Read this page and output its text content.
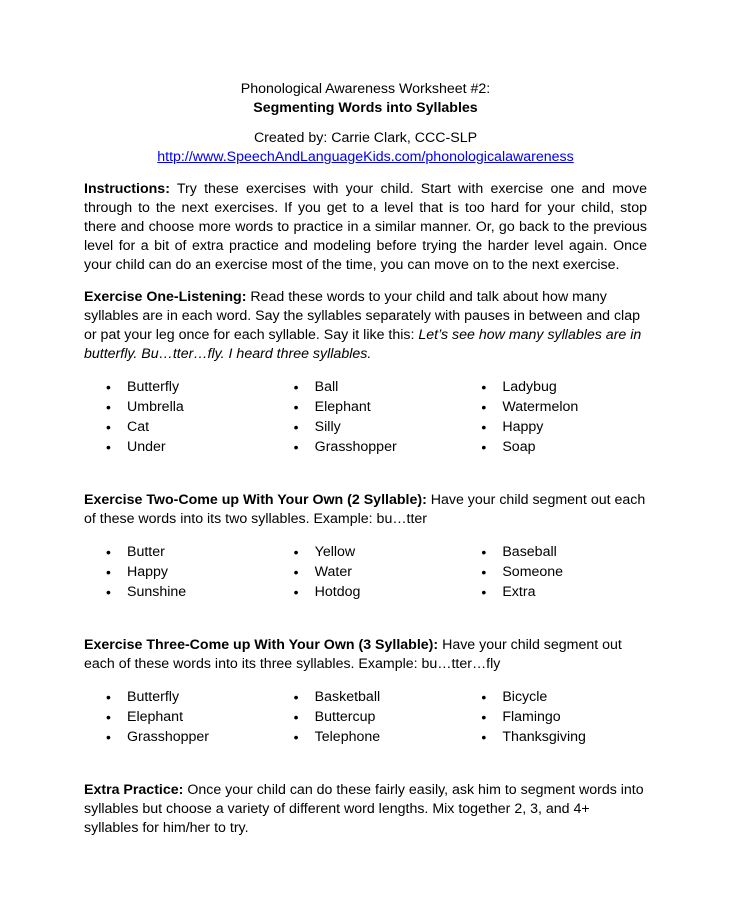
Phonological Awareness Worksheet #2:

Segmenting Words into Syllables

Created by: Carrie Clark, CCC-SLP

http://www.SpeechAndLanguageKids.com/phonologicalawareness

Instructions: Try these exercises with your child. Start with exercise one and move through to the next exercises. If you get to a level that is too hard for your child, stop there and choose more words to practice in a similar manner. Or, go back to the previous level for a bit of extra practice and modeling before trying the harder level again. Once your child can do an exercise most of the time, you can move on to the next exercise.

Exercise One-Listening: Read these words to your child and talk about how many syllables are in each word. Say the syllables separately with pauses in between and clap or pat your leg once for each syllable. Say it like this: Let’s see how many syllables are in butterfly. Bu…tter…fly. I heard three syllables.

• Butterfly
• Umbrella
• Cat
• Under
• Ball
• Elephant
• Silly
• Grasshopper
• Ladybug
• Watermelon
• Happy
• Soap

Exercise Two-Come up With Your Own (2 Syllable): Have your child segment out each of these words into its two syllables. Example: bu…tter

• Butter
• Happy
• Sunshine
• Yellow
• Water
• Hotdog
• Baseball
• Someone
• Extra

Exercise Three-Come up With Your Own (3 Syllable): Have your child segment out each of these words into its three syllables. Example: bu…tter…fly

• Butterfly
• Elephant
• Grasshopper
• Basketball
• Buttercup
• Telephone
• Bicycle
• Flamingo
• Thanksgiving

Extra Practice: Once your child can do these fairly easily, ask him to segment words into syllables but choose a variety of different word lengths. Mix together 2, 3, and 4+ syllables for him/her to try.
